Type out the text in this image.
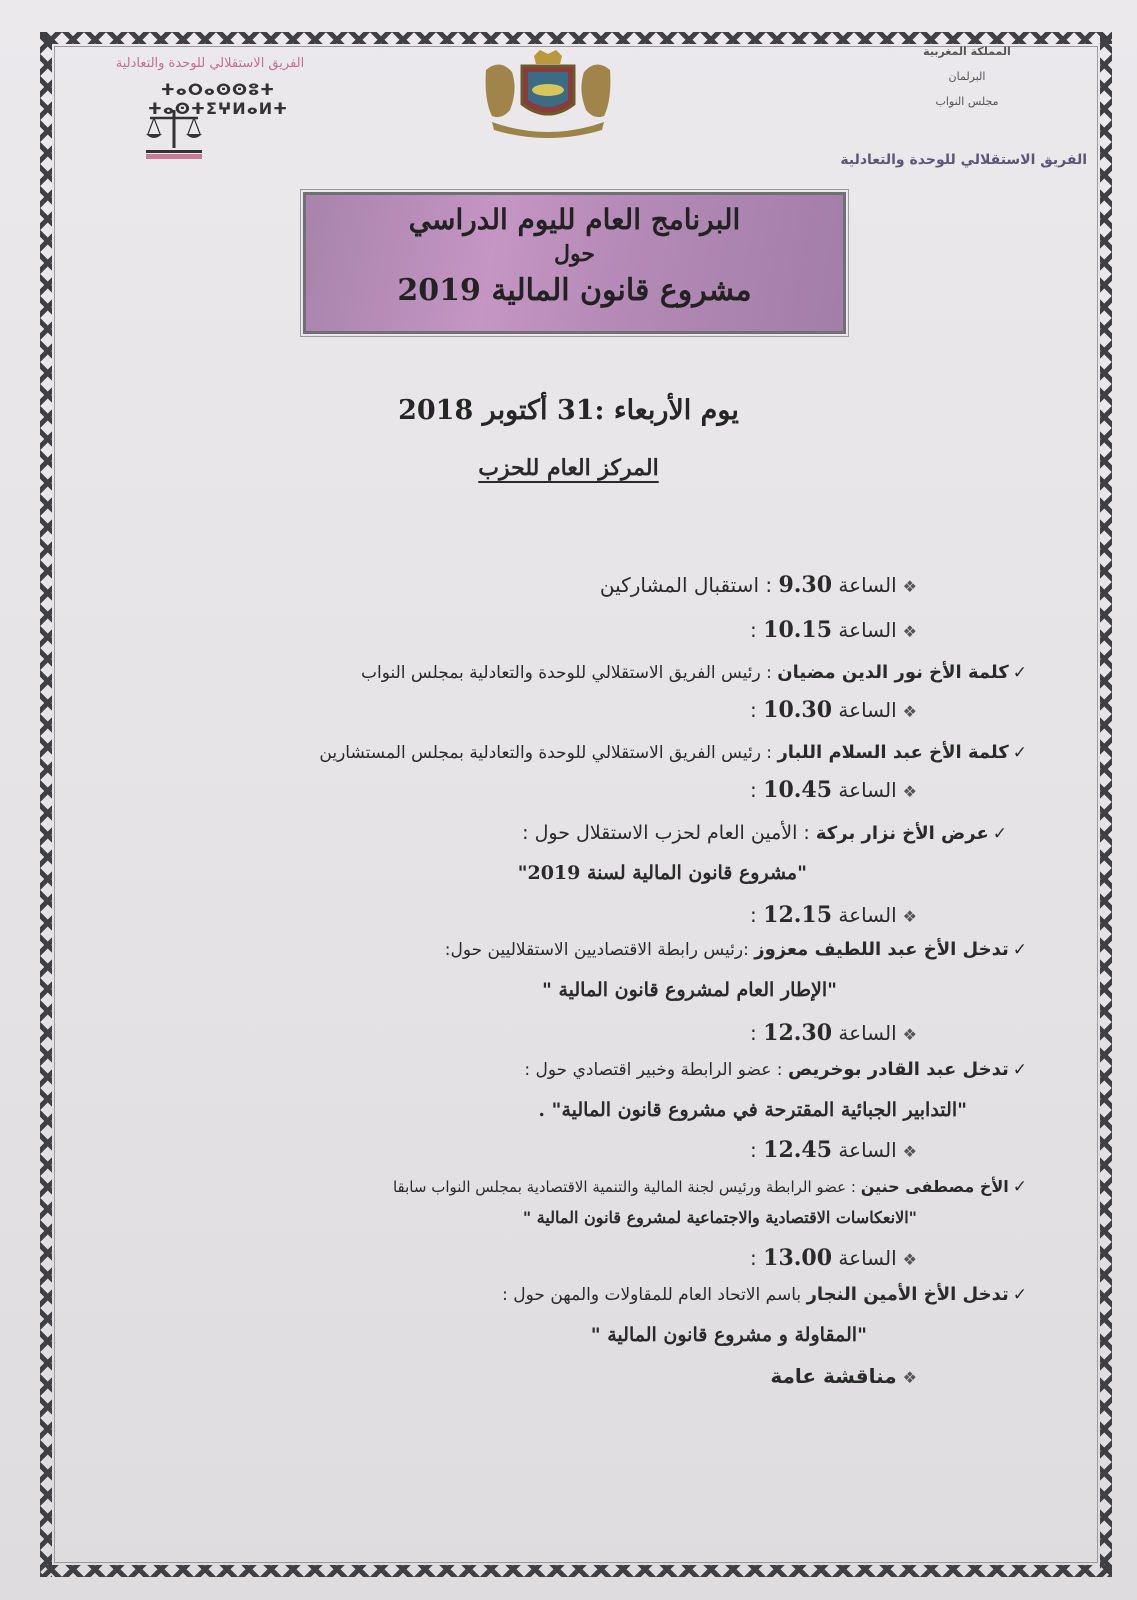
المملكة المغربية
البرلمان
مجلس النواب
الفريق الاستقلالي للوحدة والتعادلية
الفريق الاستقلالي للوحدة والتعادلية
ⵜⴰⵔⴰⵙⵙⵓⵜ ⵜⴰⵙⵜⵉⵖⵍⴰⵍⵜ
البرنامج العام لليوم الدراسي
حول
مشروع قانون المالية 2019
يوم الأربعاء :31 أكتوبر 2018
المركز العام للحزب
❖الساعة 9.30 : استقبال المشاركين
❖الساعة 10.15 :
✓كلمة الأخ نور الدين مضيان : رئيس الفريق الاستقلالي للوحدة والتعادلية بمجلس النواب
❖الساعة 10.30 :
✓كلمة الأخ عبد السلام اللبار : رئيس الفريق الاستقلالي للوحدة والتعادلية بمجلس المستشارين
❖الساعة 10.45 :
✓عرض الأخ نزار بركة : الأمين العام لحزب الاستقلال حول :
"مشروع قانون المالية لسنة 2019"
❖الساعة 12.15 :
✓تدخل الأخ عبد اللطيف معزوز :رئيس رابطة الاقتصاديين الاستقلاليين حول:
"الإطار العام لمشروع قانون المالية "
❖الساعة 12.30 :
✓تدخل عبد القادر بوخريص : عضو الرابطة وخبير اقتصادي حول :
"التدابير الجبائية المقترحة في مشروع قانون المالية" .
❖الساعة 12.45 :
✓الأخ مصطفى حنين : عضو الرابطة ورئيس لجنة المالية والتنمية الاقتصادية بمجلس النواب سابقا
"الانعكاسات الاقتصادية والاجتماعية لمشروع قانون المالية "
❖الساعة 13.00 :
✓تدخل الأخ الأمين النجار باسم الاتحاد العام للمقاولات والمهن حول :
"المقاولة و مشروع قانون المالية "
❖مناقشة عامة
